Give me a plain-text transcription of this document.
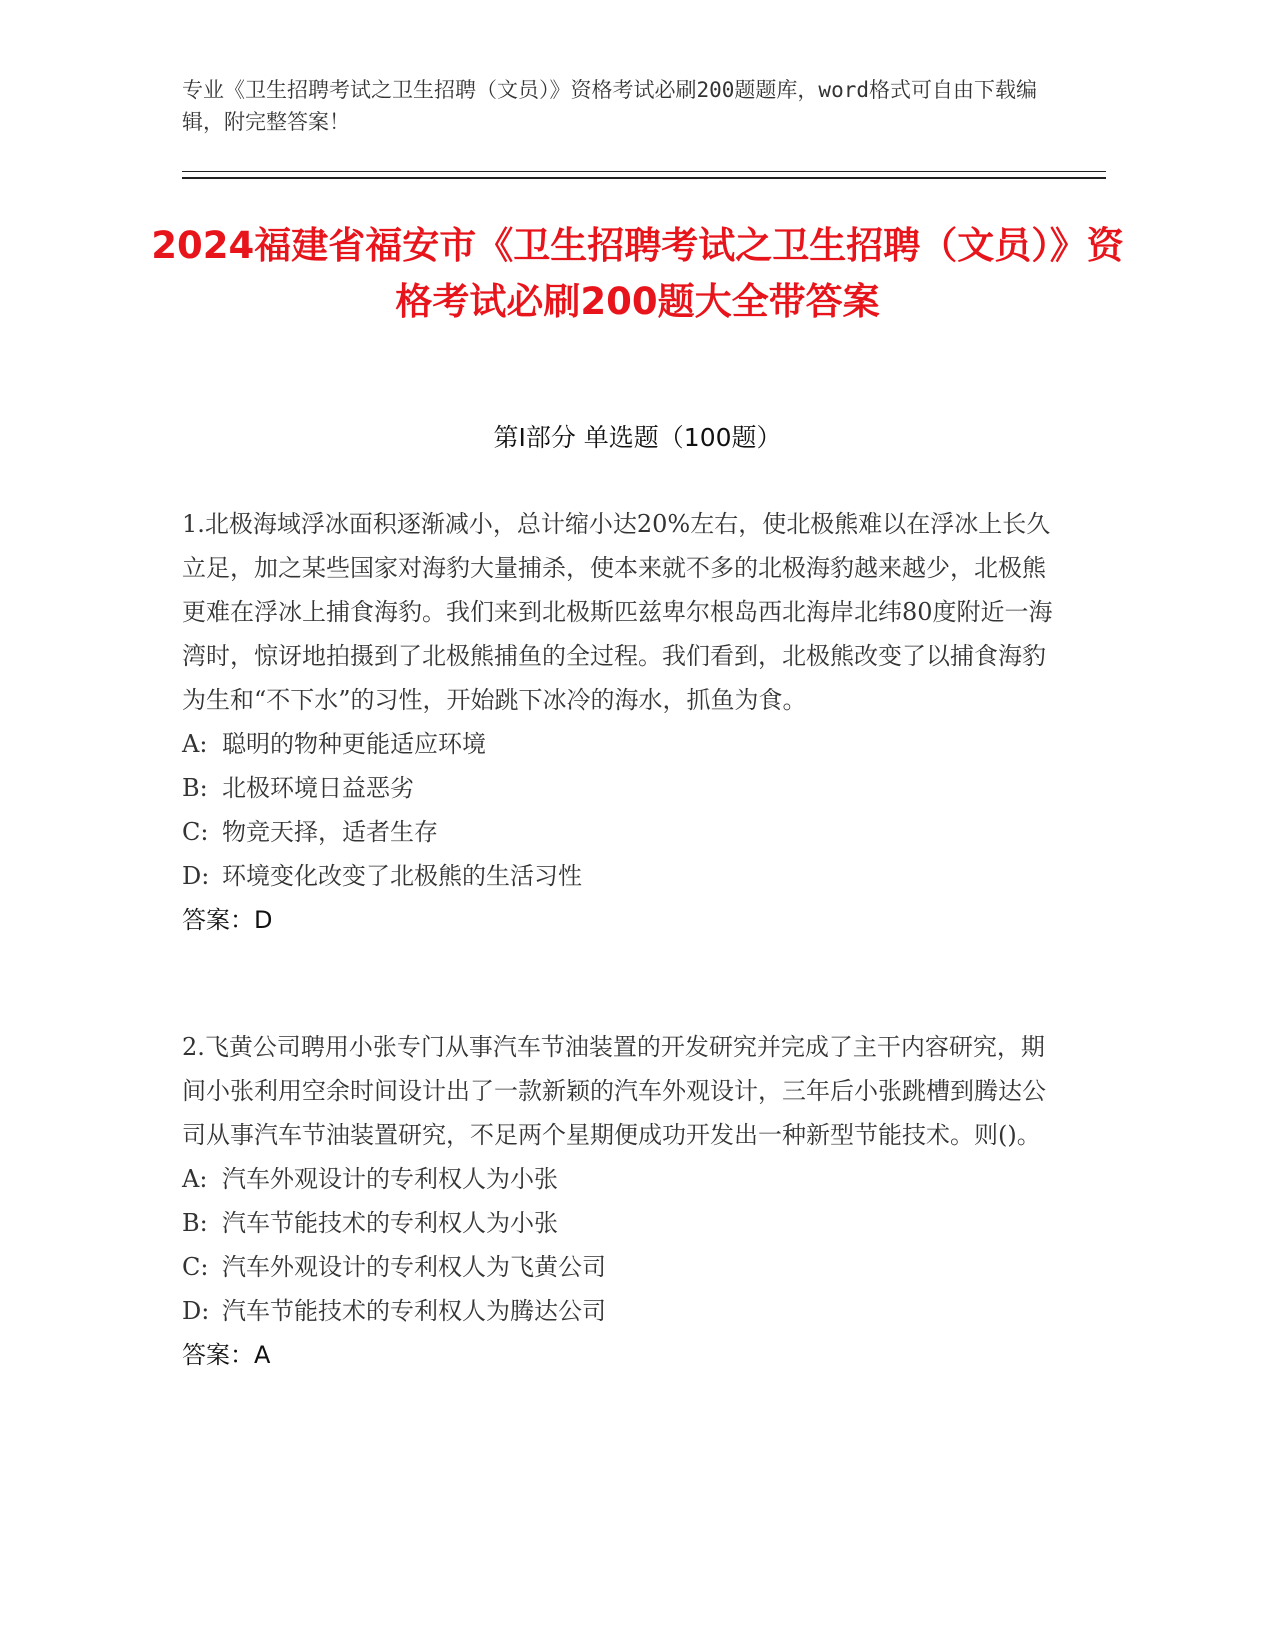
专业《卫生招聘考试之卫生招聘（文员）》资格考试必刷200题题库，word格式可自由下载编辑，附完整答案！
2024福建省福安市《卫生招聘考试之卫生招聘（文员）》资格考试必刷200题大全带答案
第I部分 单选题（100题）

1.北极海域浮冰面积逐渐减小，总计缩小达20%左右，使北极熊难以在浮冰上长久立足，加之某些国家对海豹大量捕杀，使本来就不多的北极海豹越来越少，北极熊更难在浮冰上捕食海豹。我们来到北极斯匹兹卑尔根岛西北海岸北纬80度附近一海湾时，惊讶地拍摄到了北极熊捕鱼的全过程。我们看到，北极熊改变了以捕食海豹为生和“不下水”的习性，开始跳下冰冷的海水，抓鱼为食。

A: 聪明的物种更能适应环境

B: 北极环境日益恶劣

C: 物竞天择，适者生存

D: 环境变化改变了北极熊的生活习性

答案：D

2.飞黄公司聘用小张专门从事汽车节油装置的开发研究并完成了主干内容研究，期间小张利用空余时间设计出了一款新颖的汽车外观设计，三年后小张跳槽到腾达公司从事汽车节油装置研究，不足两个星期便成功开发出一种新型节能技术。则()。

A: 汽车外观设计的专利权人为小张

B: 汽车节能技术的专利权人为小张

C: 汽车外观设计的专利权人为飞黄公司

D: 汽车节能技术的专利权人为腾达公司

答案：A
